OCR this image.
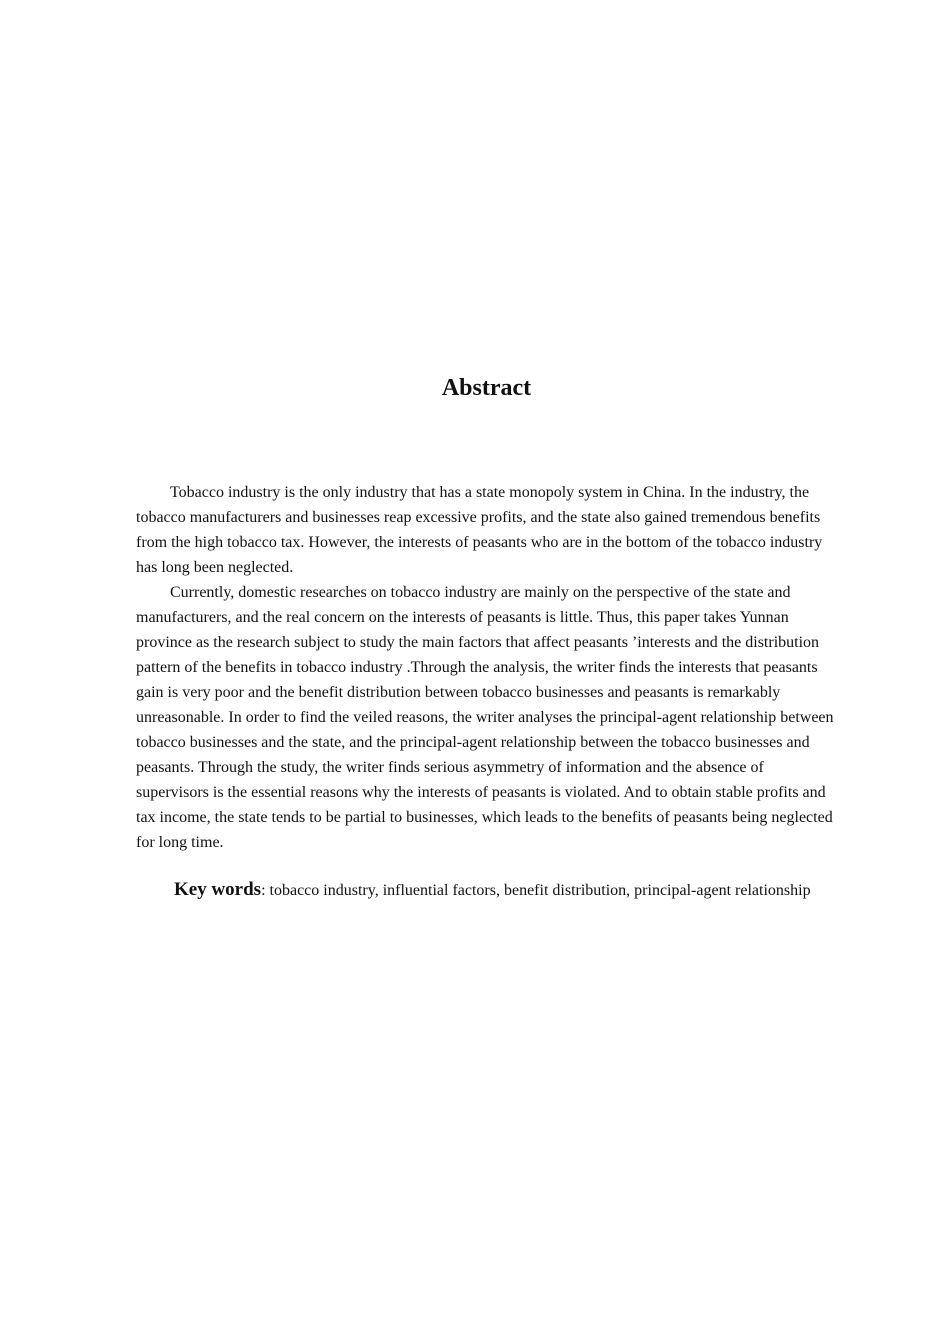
Abstract

Tobacco industry is the only industry that has a state monopoly system in China. In the industry, the tobacco manufacturers and businesses reap excessive profits, and the state also gained tremendous benefits from the high tobacco tax. However, the interests of peasants who are in the bottom of the tobacco industry has long been neglected.

Currently, domestic researches on tobacco industry are mainly on the perspective of the state and manufacturers, and the real concern on the interests of peasants is little. Thus, this paper takes Yunnan province as the research subject to study the main factors that affect peasants ’interests and the distribution pattern of the benefits in tobacco industry .Through the analysis, the writer finds the interests that peasants gain is very poor and the benefit distribution between tobacco businesses and peasants is remarkably unreasonable. In order to find the veiled reasons, the writer analyses the principal-agent relationship between tobacco businesses and the state, and the principal-agent relationship between the tobacco businesses and peasants. Through the study, the writer finds serious asymmetry of information and the absence of supervisors is the essential reasons why the interests of peasants is violated. And to obtain stable profits and tax income, the state tends to be partial to businesses, which leads to the benefits of peasants being neglected for long time.

Key words: tobacco industry, influential factors, benefit distribution, principal-agent relationship
